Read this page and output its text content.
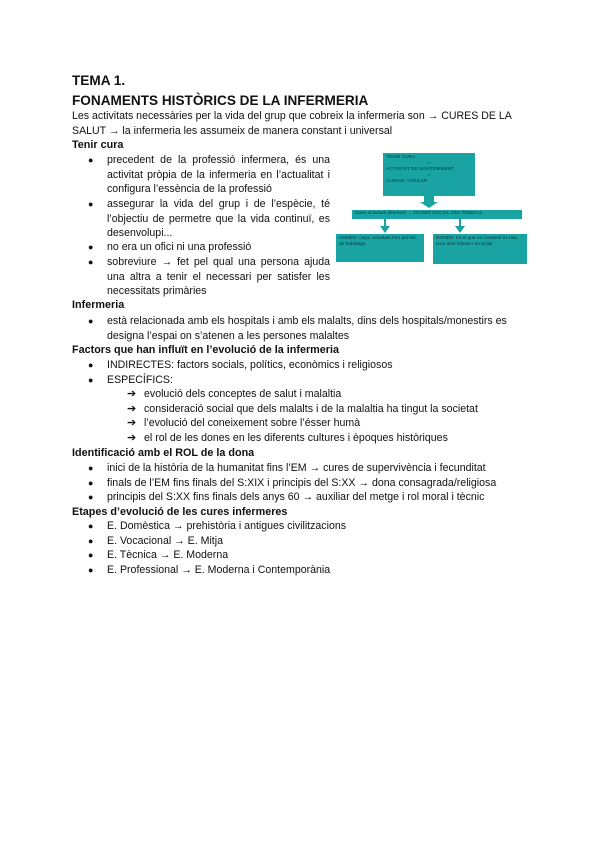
TEMA 1.
FONAMENTS HISTÒRICS DE LA INFERMERIA
Les activitats necessàries per la vida del grup que cobreix la infermeria son → CURES DE LA SALUT → la infermeria les assumeix de manera constant i universal
Tenir cura
● precedent de la professió infermera, és una activitat pròpia de la infermeria en l’actualitat i configura l’essència de la professió
● assegurar la vida del grup i de l’espècie, té l’objectiu de permetre que la vida continuï, es desenvolupi...
● no era un ofici ni una professió
● sobreviure → fet pel qual una persona ajuda una altra a tenir el necessari per satisfer les necessitats primàries
TENIR CURA
=
ACTIVITAT DE MANTENIMENT
=
CUIDAR / VIGILAR
Dues activitats diferents → DIVISIÓ SOCIAL DEL TREBALL
HOMES: caça, activitats fora del lloc de habitatge
DONES: tot el que es mantenir la vida, cura dels infants i de la llar
Infermeria
● està relacionada amb els hospitals i amb els malalts, dins dels hospitals/monestirs es designa l’espai on s’atenen a les persones malaltes
Factors que han influït en l’evolució de la infermeria
● INDIRECTES: factors socials, polítics, econòmics i religiosos
● ESPECÍFICS:
➔ evolució dels conceptes de salut i malaltia
➔ consideració social que dels malalts i de la malaltia ha tingut la societat
➔ l’evolució del coneixement sobre l’ésser humà
➔ el rol de les dones en les diferents cultures i èpoques històriques
Identificació amb el ROL de la dona
● inici de la història de la humanitat fins l’EM → cures de supervivència i fecunditat
● finals de l’EM fins finals del S:XIX i principis del S:XX → dona consagrada/religiosa
● principis del S:XX fins finals dels anys 60 → auxiliar del metge i rol moral i tècnic
Etapes d’evolució de les cures infermeres
● E. Domèstica → prehistòria i antigues civilitzacions
● E. Vocacional → E. Mitja
● E. Tècnica → E. Moderna
● E. Professional → E. Moderna i Contemporània
